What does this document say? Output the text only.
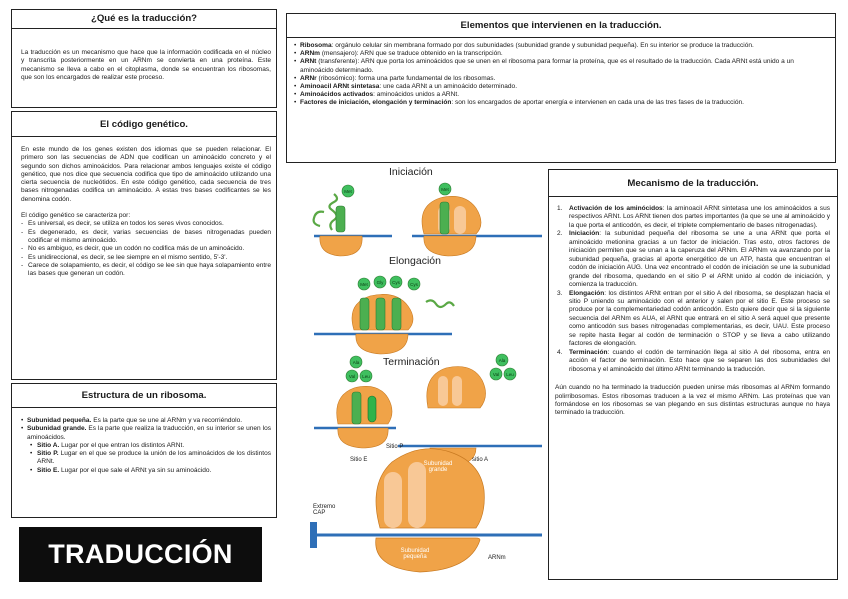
¿Qué es la traducción?

La traducción es un mecanismo que hace que la información codificada en el núcleo y transcrita posteriormente en un ARNm se convierta en una proteína. Este mecanismo se lleva a cabo en el citoplasma, donde se encuentran los ribosomas, que son los encargados de realizar este proceso.

El código genético.

En este mundo de los genes existen dos idiomas que se pueden relacionar. El primero son las secuencias de ADN que codifican un aminoácido concreto y el segundo son dichos aminoácidos. Para relacionar ambos lenguajes existe el código genético, que nos dice que secuencia codifica que tipo de aminoácido utilizando una cierta secuencia de nucleótidos. En este código genético, cada secuencia de tres bases nitrogenadas codifica un aminoácido. A estas tres bases codificantes se les denomina codón.

El código genético se caracteriza por:
- Es universal, es decir, se utiliza en todos los seres vivos conocidos.
- Es degenerado, es decir, varias secuencias de bases nitrogenadas pueden codificar el mismo aminoácido.
- No es ambiguo, es decir, que un codón no codifica más de un aminoácido.
- Es unidireccional, es decir, se lee siempre en el mismo sentido, 5'-3'.
- Carece de solapamiento, es decir, el código se lee sin que haya solapamiento entre las bases que generan un codón.
Estructura de un ribosoma.
• Subunidad pequeña. Es la parte que se une al ARNm y va recorriéndolo.
• Subunidad grande. Es la parte que realiza la traducción, en su interior se unen los aminoácidos.
• Sitio A. Lugar por el que entran los distintos ARNt.
• Sitio P. Lugar en el que se produce la unión de los aminoácidos de los distintos ARNt.
• Sitio E. Lugar por el que sale el ARNt ya sin su aminoácido.
TRADUCCIÓN
Elementos que intervienen en la traducción.
• Ribosoma: orgánulo celular sin membrana formado por dos subunidades (subunidad grande y subunidad pequeña). En su interior se produce la traducción.
• ARNm (mensajero): ARN que se traduce obtenido en la transcripción.
• ARNt (transferente): ARN que porta los aminoácidos que se unen en el ribosoma para formar la proteína, que es el resultado de la traducción. Cada ARNt está unido a un aminoácido determinado.
• ARNr (ribosómico): forma una parte fundamental de los ribosomas.
• Aminoacil ARNt sintetasa: une cada ARNt a un aminoácido determinado.
• Aminoácidos activados: aminoácidos unidos a ARNt.
• Factores de iniciación, elongación y terminación: son los encargados de aportar energía e intervienen en cada una de las tres fases de la traducción.
Mecanismo de la traducción.
1. Activación de los aminócidos: la aminoacil ARNt sintetasa une los aminoácidos a sus respectivos ARNt. Los ARNt tienen dos partes importantes (la que se une al aminoácido y la que porta el anticodón, es decir, el triplete complementario de bases nitrogenadas).
2. Iniciación: la subunidad pequeña del ribosoma se une a una ARNt que porta el aminoácido metionina gracias a un factor de iniciación. Tras esto, otros factores de iniciación permiten que se unan a la caperuza del ARNm. El ARNm va avanzando por la subunidad pequeña, gracias al aporte energético de un ATP, hasta que encuentran el codón de iniciación AUG. Una vez encontrado el codón de iniciación se une la subunidad grande del ribosoma, quedando en el sitio P el ARNt unido al codón de iniciación, y comienza la traducción.
3. Elongación: los distintos ARNt entran por el sitio A del ribosoma, se desplazan hacia el sitio P uniendo su aminoácido con el anterior y salen por el sitio E. Este proceso se produce por la complementariedad codón anticodón. Esto quiere decir que si la siguiente secuencia del ARNm es AUA, el ARNt que entrará en el sitio A será aquel que presente como anticodón sus bases nitrogenadas complementarias, es decir, UAU. Este proceso se repite hasta llegar al codón de terminación o STOP y se lleva a cabo utilizando factores de elongación.
4. Terminación: cuando el codón de terminación llega al sitio A del ribosoma, entra en acción el factor de terminación. Esto hace que se separen las dos subunidades del ribosoma y el aminoácido del último ARNt terminando la traducción.

Aún cuando no ha terminado la traducción pueden unirse más ribosomas al ARNm formando polirribosomas. Estos ribosomas traducen a la vez el mismo ARNm. Las proteínas que van formándose en los ribosomas se van plegando en sus distintas estructuras aunque no haya terminado la traducción.

Iniciación
Elongación
Terminación
Met	Met
Met Gly Cys Cys
Ala
Val Leu
Ala
Val Leu
Sitio E
Sitio P
sitio A
Subunidad grande
Subunidad pequeña
Extremo CAP
ARNm
